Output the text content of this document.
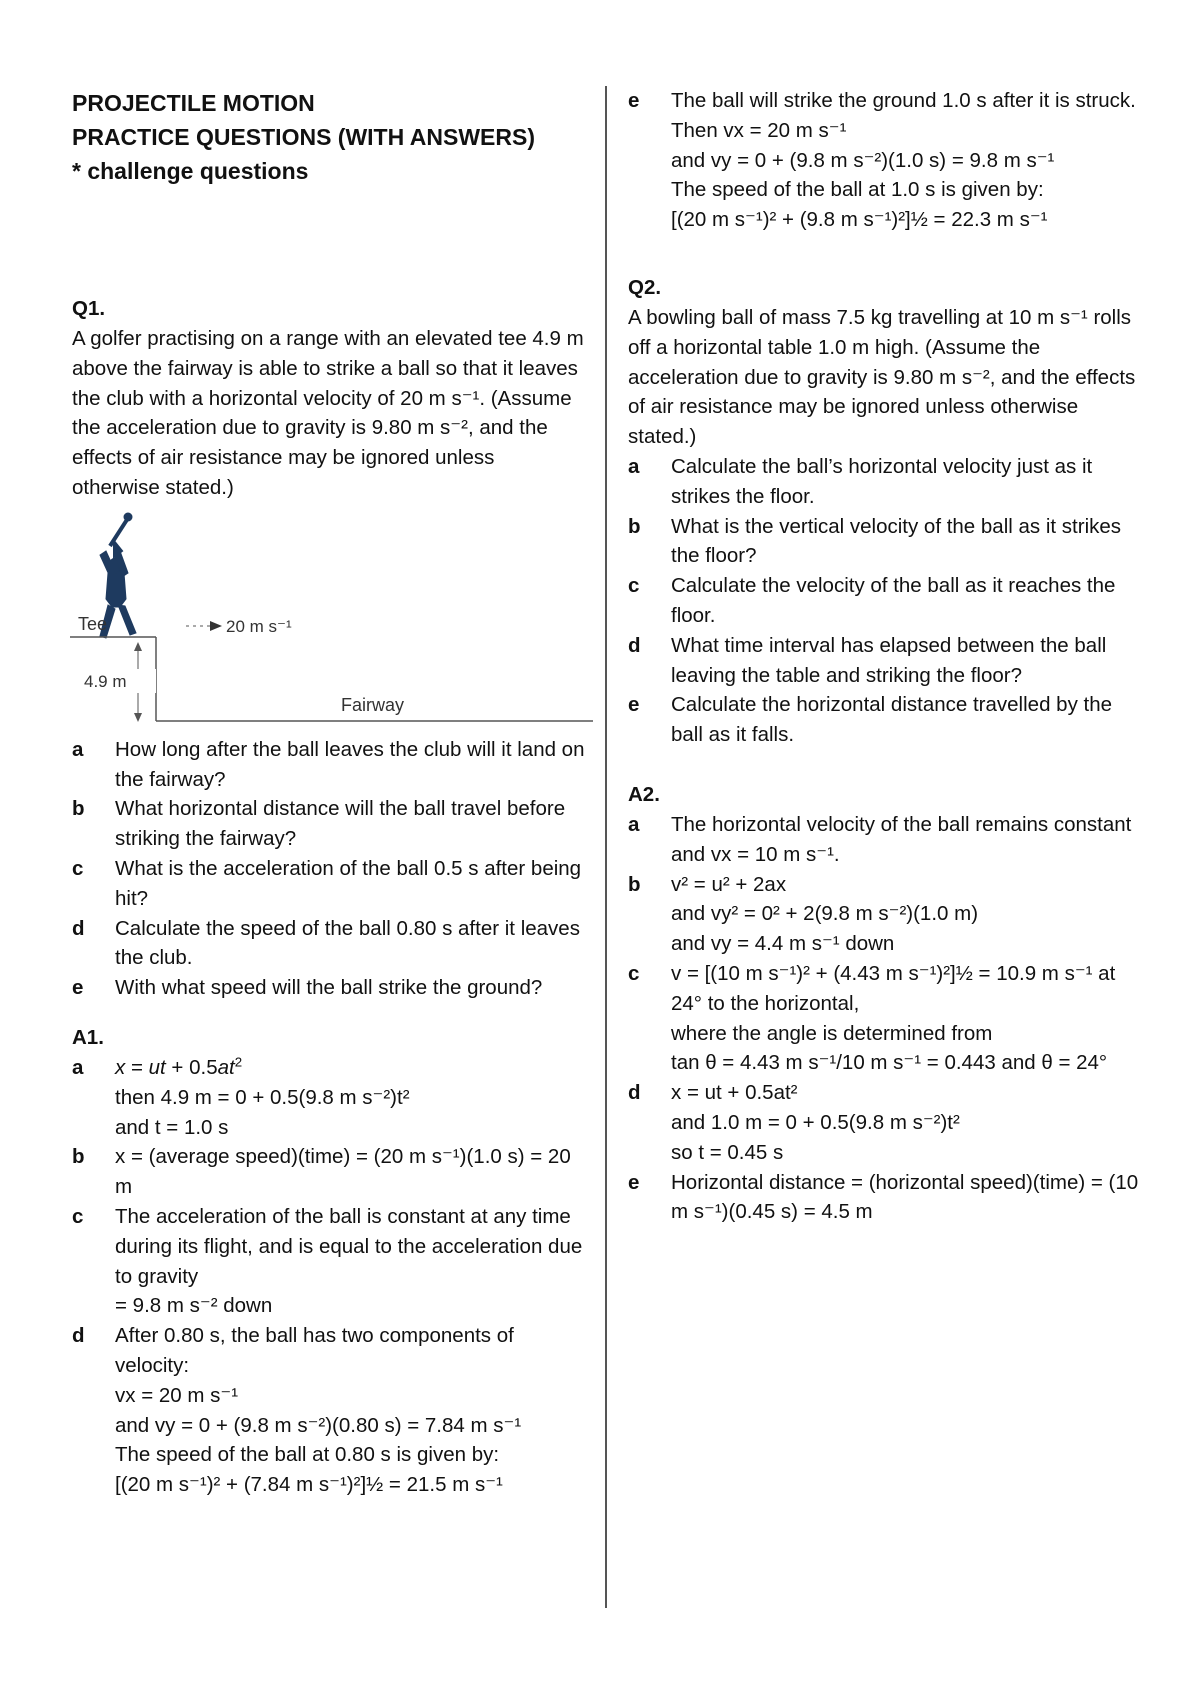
PROJECTILE MOTION
PRACTICE QUESTIONS (WITH ANSWERS)
* challenge questions
Q1.
A golfer practising on a range with an elevated tee 4.9 m above the fairway is able to strike a ball so that it leaves the club with a horizontal velocity of 20 m s⁻¹. (Assume the acceleration due to gravity is 9.80 m s⁻², and the effects of air resistance may be ignored unless otherwise stated.)
Tee
4.9 m
20 m s⁻¹
Fairway
a	How long after the ball leaves the club will it land on the fairway?
b	What horizontal distance will the ball travel before striking the fairway?
c	What is the acceleration of the ball 0.5 s after being hit?
d	Calculate the speed of the ball 0.80 s after it leaves the club.
e	With what speed will the ball strike the ground?
A1.
a	x = ut + $0.5at^2$
then 4.9 m = 0 + 0.5(9.8 m s⁻²)t²
and t = 1.0 s
b	x = (average speed)(time) = (20 m s⁻¹)(1.0 s) = 20 m
c	The acceleration of the ball is constant at any time during its flight, and is equal to the acceleration due to gravity
= 9.8 m s⁻² down
d	After 0.80 s, the ball has two components of velocity:
vx = 20 m s⁻¹
and vy = 0 + (9.8 m s⁻²)(0.80 s) = 7.84 m s⁻¹
The speed of the ball at 0.80 s is given by:
[(20 m s⁻¹)² + (7.84 m s⁻¹)²]½ = 21.5 m s⁻¹
e	The ball will strike the ground 1.0 s after it is struck.
Then vx = 20 m s⁻¹
and vy = 0 + (9.8 m s⁻²)(1.0 s) = 9.8 m s⁻¹
The speed of the ball at 1.0 s is given by:
[(20 m s⁻¹)² + (9.8 m s⁻¹)²]½ = 22.3 m s⁻¹
Q2.
A bowling ball of mass 7.5 kg travelling at 10 m s⁻¹ rolls off a horizontal table 1.0 m high. (Assume the acceleration due to gravity is 9.80 m s⁻², and the effects of air resistance may be ignored unless otherwise stated.)
a	Calculate the ball’s horizontal velocity just as it strikes the floor.
b	What is the vertical velocity of the ball as it strikes the floor?
c	Calculate the velocity of the ball as it reaches the floor.
d	What time interval has elapsed between the ball leaving the table and striking the floor?
e	Calculate the horizontal distance travelled by the ball as it falls.
A2.
a	The horizontal velocity of the ball remains constant and vx = 10 m s⁻¹.
b	v² = u² + 2ax
and vy² = 0² + 2(9.8 m s⁻²)(1.0 m)
and vy = 4.4 m s⁻¹ down
c	v = [(10 m s⁻¹)² + (4.43 m s⁻¹)²]½ = 10.9 m s⁻¹ at 24° to the horizontal,
where the angle is determined from
tan θ = 4.43 m s⁻¹/10 m s⁻¹ = 0.443 and θ = 24°
d	x = ut + 0.5at²
and 1.0 m = 0 + 0.5(9.8 m s⁻²)t²
so t = 0.45 s
e	Horizontal distance = (horizontal speed)(time) = (10 m s⁻¹)(0.45 s) = 4.5 m
